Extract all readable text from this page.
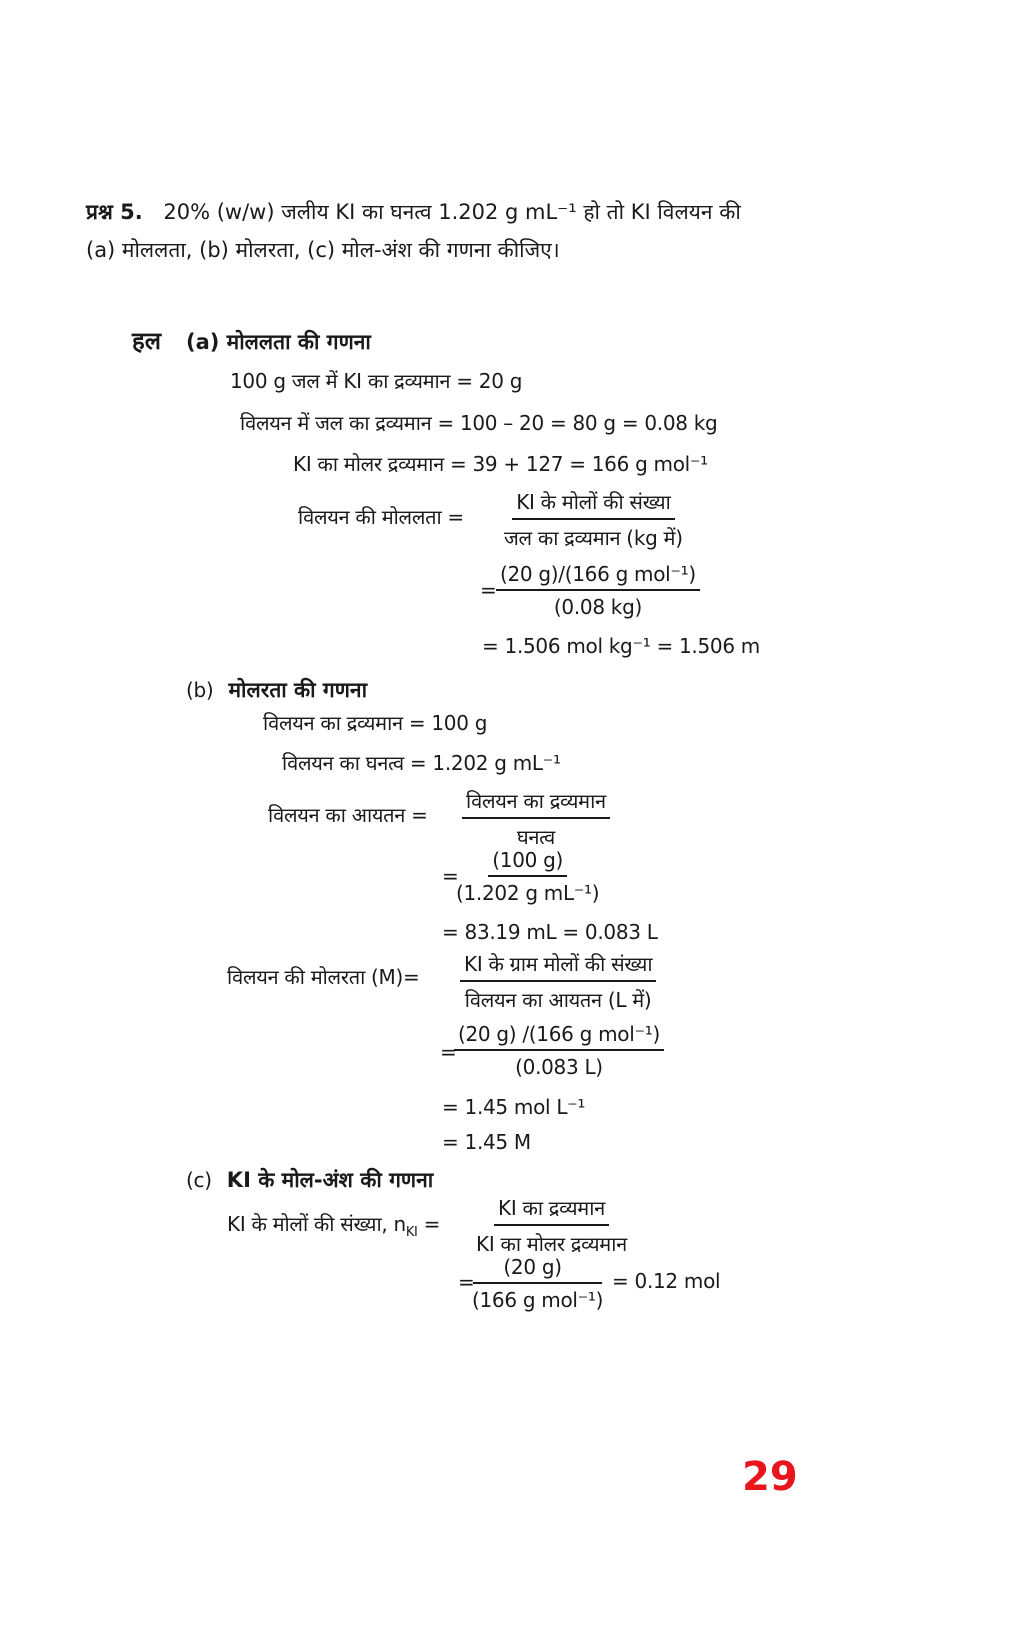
प्रश्न 5. 20% (w/w) जलीय KI का घनत्व 1.202 g mL⁻¹ हो तो KI विलयन की
(a) मोललता, (b) मोलरता, (c) मोल-अंश की गणना कीजिए।
हल (a) मोललता की गणना
100 g जल में KI का द्रव्यमान = 20 g
विलयन में जल का द्रव्यमान = 100 – 20 = 80 g = 0.08 kg
KI का मोलर द्रव्यमान = 39 + 127 = 166 g mol⁻¹
विलयन की मोललता =
KI के मोलों की संख्या
जल का द्रव्यमान (kg में)
=
(20 g)/(166 g mol⁻¹)
(0.08 kg)
= 1.506 mol kg⁻¹ = 1.506 m
(b) मोलरता की गणना
विलयन का द्रव्यमान = 100 g
विलयन का घनत्व = 1.202 g mL⁻¹
विलयन का आयतन =
विलयन का द्रव्यमान
घनत्व
=
$\frac{(100 g)}{\text{(1.202 g mL⁻¹)}}$
= 83.19 mL = 0.083 L
विलयन की मोलरता (M)=
KI के ग्राम मोलों की संख्या
विलयन का आयतन (L में)
=
(20 g) /(166 g mol⁻¹)
(0.083 L)
= 1.45 mol L⁻¹
= 1.45 M
(c) KI के मोल-अंश की गणना
KI के मोलों की संख्या, $n_{KI}$ =
KI का द्रव्यमान
KI का मोलर द्रव्यमान
=
(20 g)
(166 g mol⁻¹)
= 0.12 mol
29
